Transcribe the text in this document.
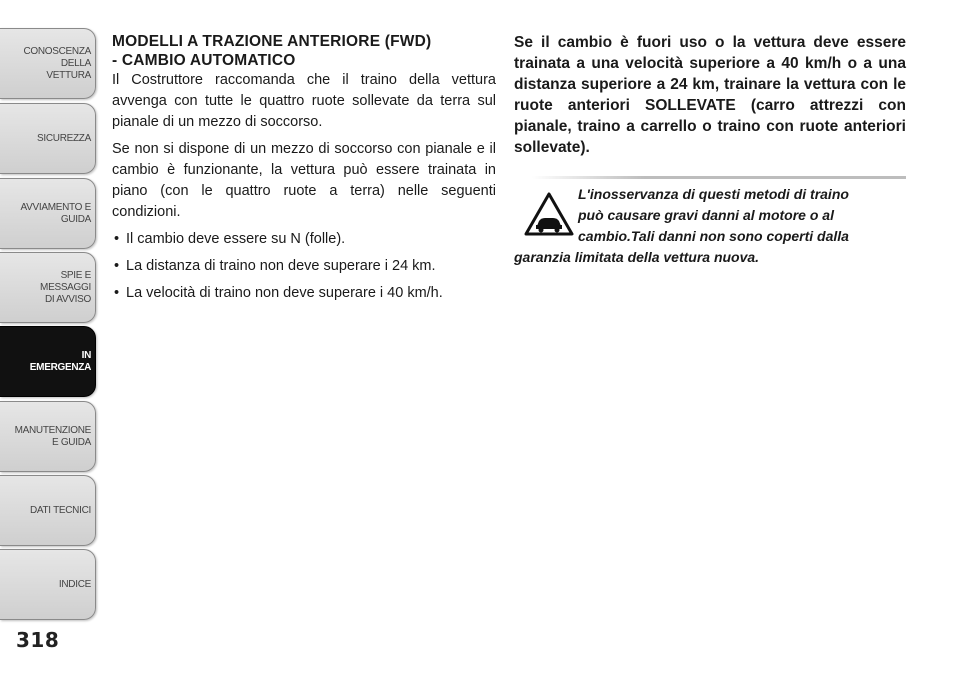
CONOSCENZA DELLA
VETTURA
SICUREZZA
AVVIAMENTO E
GUIDA
SPIE E
MESSAGGI
DI AVVISO
IN
EMERGENZA
MANUTENZIONE
E GUIDA
DATI TECNICI
INDICE
318
MODELLI A TRAZIONE ANTERIORE (FWD)
- CAMBIO AUTOMATICO

Il Costruttore raccomanda che il traino della vettura avvenga con tutte le quattro ruote sollevate da terra sul pianale di un mezzo di soccorso.

Se non si dispone di un mezzo di soccorso con pianale e il cambio è funzionante, la vettura può essere trainata in piano (con le quattro ruote a terra) nelle seguenti condizioni.

• Il cambio deve essere su N (folle).
• La distanza di traino non deve superare i 24 km.
• La velocità di traino non deve superare i 40 km/h.

Se il cambio è fuori uso o la vettura deve essere trainata a una velocità superiore a 40 km/h o a una distanza superiore a 24 km, trainare la vettura con le ruote anteriori SOLLEVATE (carro attrezzi con pianale, traino a carrello o traino con ruote anteriori sollevate).

L'inosservanza di questi metodi di traino
può causare gravi danni al motore o al
cambio.Tali danni non sono coperti dalla
garanzia limitata della vettura nuova.
